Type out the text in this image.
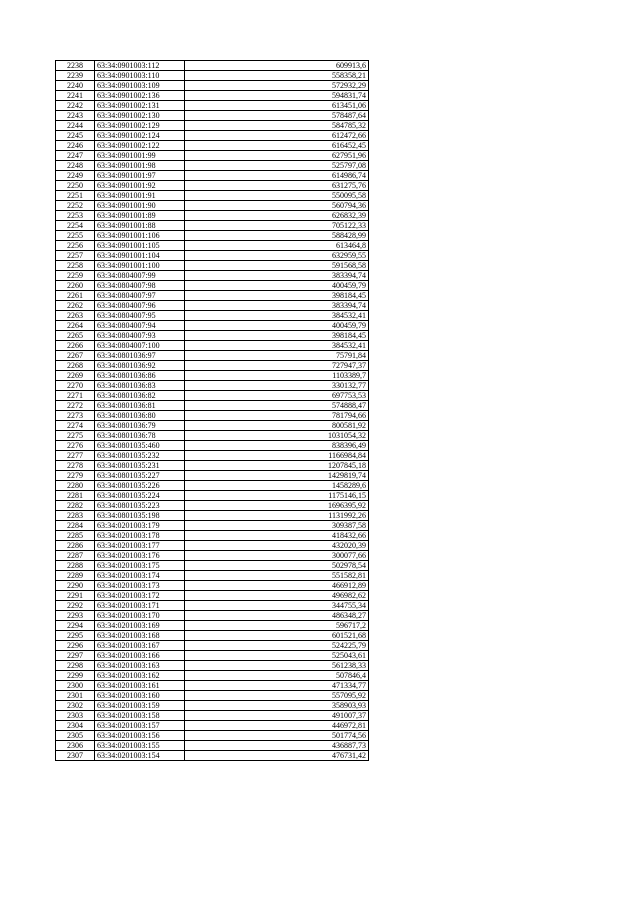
2238	63:34:0901003:112	609913,6
2239	63:34:0901003:110	558358,21
2240	63:34:0901003:109	572932,29
2241	63:34:0901002:136	594831,74
2242	63:34:0901002:131	613451,06
2243	63:34:0901002:130	578487,64
2244	63:34:0901002:129	584785,32
2245	63:34:0901002:124	612472,66
2246	63:34:0901002:122	616452,45
2247	63:34:0901001:99	627951,96
2248	63:34:0901001:98	525797,08
2249	63:34:0901001:97	614986,74
2250	63:34:0901001:92	631275,76
2251	63:34:0901001:91	550095,58
2252	63:34:0901001:90	560794,36
2253	63:34:0901001:89	626832,39
2254	63:34:0901001:88	705122,33
2255	63:34:0901001:106	588428,99
2256	63:34:0901001:105	613464,8
2257	63:34:0901001:104	632959,55
2258	63:34:0901001:100	591568,58
2259	63:34:0804007:99	383394,74
2260	63:34:0804007:98	400459,79
2261	63:34:0804007:97	398184,45
2262	63:34:0804007:96	383394,74
2263	63:34:0804007:95	384532,41
2264	63:34:0804007:94	400459,79
2265	63:34:0804007:93	398184,45
2266	63:34:0804007:100	384532,41
2267	63:34:0801036:97	75791,84
2268	63:34:0801036:92	727947,37
2269	63:34:0801036:86	1103389,7
2270	63:34:0801036:83	330132,77
2271	63:34:0801036:82	697753,53
2272	63:34:0801036:81	574888,47
2273	63:34:0801036:80	781794,66
2274	63:34:0801036:79	800581,92
2275	63:34:0801036:78	1031054,32
2276	63:34:0801035:460	838396,49
2277	63:34:0801035:232	1166984,84
2278	63:34:0801035:231	1207845,18
2279	63:34:0801035:227	1429819,74
2280	63:34:0801035:226	1458289,6
2281	63:34:0801035:224	1175146,15
2282	63:34:0801035:223	1696395,92
2283	63:34:0801035:198	1131992,26
2284	63:34:0201003:179	309387,58
2285	63:34:0201003:178	418432,66
2286	63:34:0201003:177	432020,39
2287	63:34:0201003:176	300077,66
2288	63:34:0201003:175	502978,54
2289	63:34:0201003:174	551582,81
2290	63:34:0201003:173	466912,89
2291	63:34:0201003:172	496982,62
2292	63:34:0201003:171	344755,34
2293	63:34:0201003:170	486348,27
2294	63:34:0201003:169	596717,2
2295	63:34:0201003:168	601521,68
2296	63:34:0201003:167	524225,79
2297	63:34:0201003:166	525043,61
2298	63:34:0201003:163	561238,33
2299	63:34:0201003:162	507846,4
2300	63:34:0201003:161	471334,77
2301	63:34:0201003:160	557095,92
2302	63:34:0201003:159	358903,93
2303	63:34:0201003:158	491007,37
2304	63:34:0201003:157	446972,81
2305	63:34:0201003:156	501774,56
2306	63:34:0201003:155	436887,73
2307	63:34:0201003:154	476731,42
